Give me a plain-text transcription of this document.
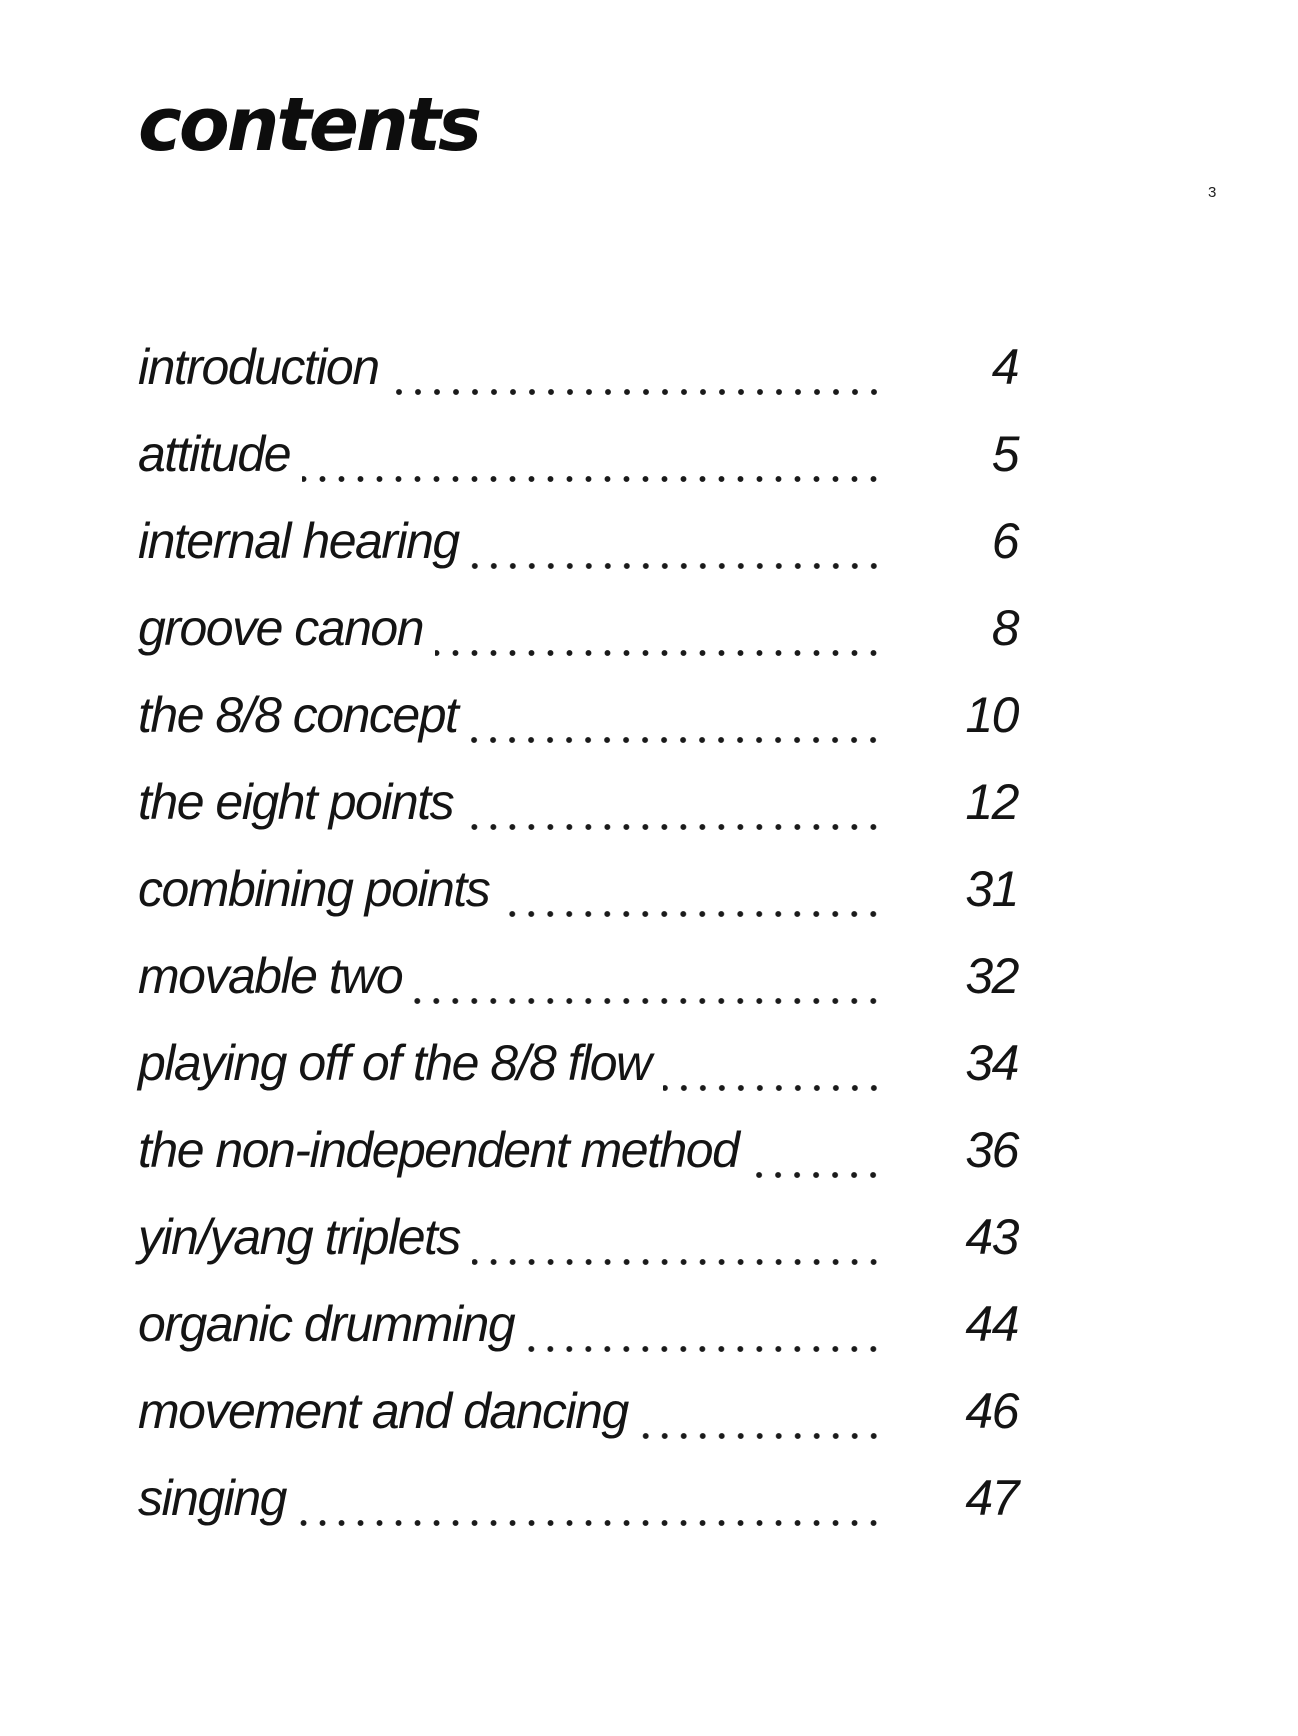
contents
3
introduction	4
attitude	5
internal hearing	6
groove canon	8
the 8/8 concept	10
the eight points	12
combining points	31
movable two	32
playing off of the 8/8 flow	34
the non-independent method	36
yin/yang triplets	43
organic drumming	44
movement and dancing	46
singing	47
